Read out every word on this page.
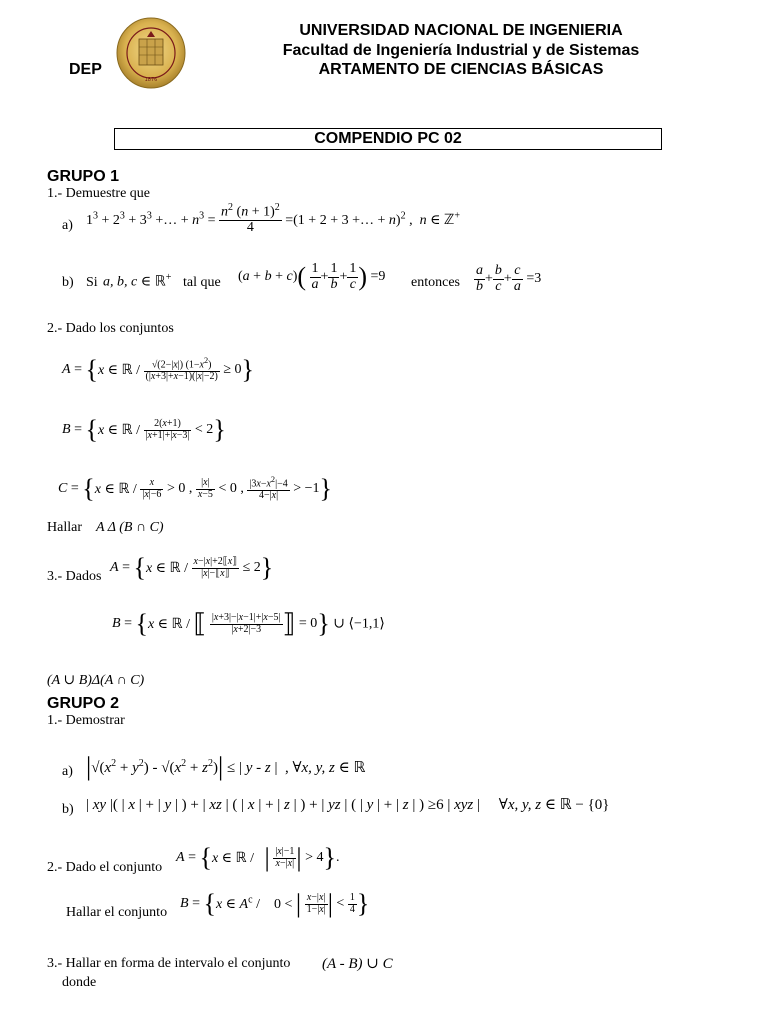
1876
DEP
UNIVERSIDAD NACIONAL DE INGENIERIA
Facultad de Ingeniería Industrial y de Sistemas
ARTAMENTO DE CIENCIAS BÁSICAS
COMPENDIO PC 02
GRUPO 1
1.- Demuestre que
a) $1^3 + 2^3 + 3^3$ +… + $n^3 = \frac{n^2 (n + 1)^2}{4} =(1 + 2 + 3$ +… + n)$^2$ ,  n ∈ ℤ+
b) Si a, b, c ∈ ℝ+ tal que $(a + b + c)( \frac{1}{a} + \frac{1}{b} + \frac{1}{c}$ ) =9 entonces $\frac{a}{b} + \frac{b}{c} + \frac{c}{a} =3$
2.- Dado los conjuntos
A = {x ∈ ℝ / $\frac{√(2-|x|) (1-x^2)}{(|x+3|+x-1)(|x|-2)} \ge 0$}
B = {x ∈ ℝ / $\frac{2(x+1)}{|x+1|+|x-3|} < 2$}
C = {x ∈ ℝ / $\frac{x}{|x|-6} > 0$ , $\frac{|x|}{x-5} < 0$ , $\frac{|3x-x^2|-4}{4-|x|} > -1$}
Hallar A Δ (B ∩ C)
3.- Dados
A = {x ∈ ℝ / $\frac{x-|x|+2⟦x⟧}{|x|-⟦x⟧} \le 2$}
B = {x ∈ ℝ / ⟦ $\frac{|x+3|-|x-1|+|x-5|}{|x+2|-3}$ ⟧ = 0} ∪ ⟨−1,1⟩
(A ∪ B)Δ(A ∩ C)
GRUPO 2
1.- Demostrar
a) $|√(x^2 + y^2) - √(x^2 + z^2)|$ ≤ | y - z |  , ∀x, y, z ∈ ℝ
b) | xy |( | x | + | y | ) + | xz | ( | x | + | z | ) + | yz | ( | y | + | z | ) ≥6 | xyz |     ∀x, y, z ∈ ℝ − {0}
2.- Dado el conjunto
A = {x ∈ ℝ /   | $\frac{|x|-1}{x-|x|}$ | > 4}.
Hallar el conjunto
B = {x ∈ $A^c$ /    0 < | $\frac{x-|x|}{1-|x|}$ | < $\frac{1}{4}$ }
3.- Hallar en forma de intervalo el conjunto (A - B) ∪ C
donde
